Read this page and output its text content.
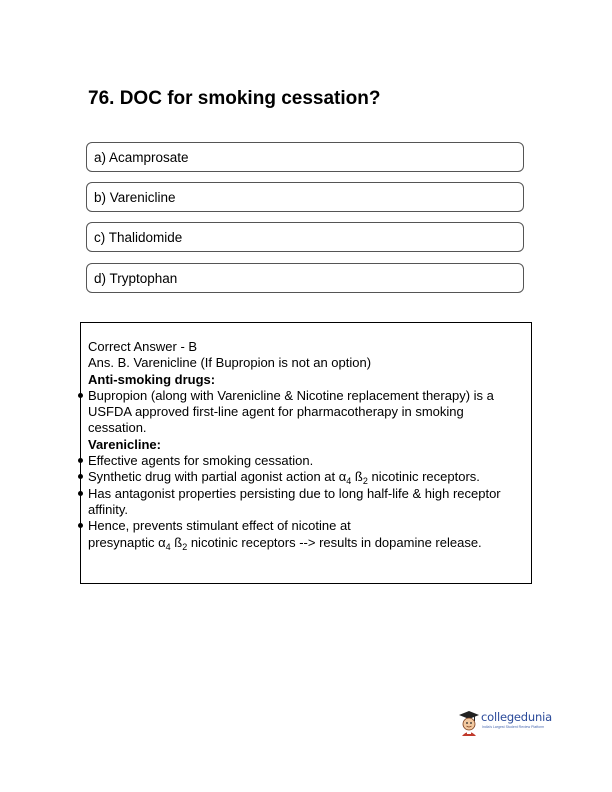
76. DOC for smoking cessation?
a) Acamprosate
b) Varenicline
c) Thalidomide
d) Tryptophan
Correct Answer - B
Ans. B. Varenicline (If Bupropion is not an option)
Anti-smoking drugs:
Bupropion (along with Varenicline & Nicotine replacement therapy) is a USFDA approved first-line agent for pharmacotherapy in smoking cessation.
Varenicline:
Effective agents for smoking cessation.
Synthetic drug with partial agonist action at $\alpha_4$ $ß_2$ nicotinic receptors.
Has antagonist properties persisting due to long half-life & high receptor affinity.
Hence, prevents stimulant effect of nicotine at
presynaptic $\alpha_4$ $ß_2$ nicotinic receptors --> results in dopamine release.
collegedunia
India's Largest Student Review Platform
